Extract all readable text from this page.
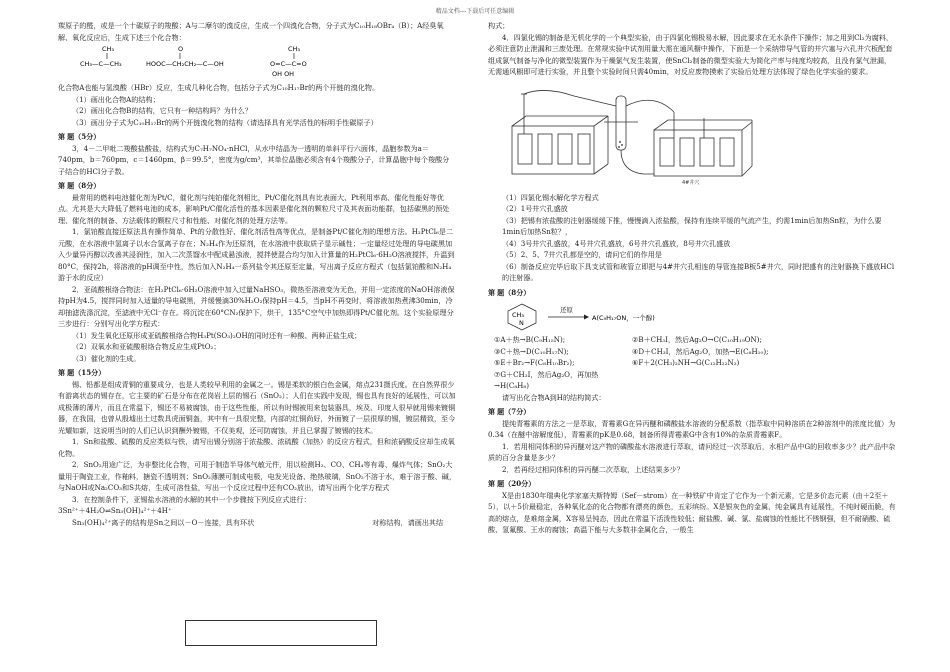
精品文档---下载后可任意编辑

羰原子的醛，或是一个十碳原子的羧酸；A与二摩尔的溴反应，生成一个四溴化合物，分子式为C₁₀H₁₈OBr₄（B）；A经臭氧解、氧化反应后，生成下述三个化合物：

CH₃
CH₃—C—CH₃
O
HOOC—CH₂CH₂—C—OH
CH₃
O=C—C=O
OH OH

化合物A也能与氢溴酸（HBr）反应，生成几种化合物，包括分子式为C₁₀H₁₇Br的两个开链的溴化物。

（1）画出化合物A的结构；

（2）画出化合物B的结构，它只有一种结构吗？为什么？

（3）画出分子式为C₁₀H₁₇Br的两个开链溴化物的结构（请选择具有光学活性的标明手性碳原子）

第 题（5分）

3，4－二甲吡二羧酸盐酸盐，结构式为C₇H₇NO₄·nHCl，从水中结晶为一透明的单斜平行六面体，晶胞参数为a＝740pm，b＝760pm，c＝1460pm，β＝99.5°，密度为g/cm³，其单位晶胞必须含有4个羧酸分子，计算晶胞中每个羧酸分子结合的HCl分子数。

第 题（8分）

最常用的燃料电池催化剂为Pt/C，催化剂与纯铂催化剂相比，Pt/C催化剂具有比表面大、Pt利用率高、催化性能好等优点。尤其是大大降低了燃料电池的成本，影响Pt/C催化活性的基本因素是催化剂的颗粒尺寸及其表面功能群，包括碳黑的预处理、催化剂的制备、方法载体的颗粒尺寸和性能、对催化剂的处理方法等。

1．氯铂酸直接还原法具有操作简单、Pt的分散性好、催化剂活性高等优点，是制备Pt/C催化剂的理想方法。H₂PtCl₆是二元酸，在水溶液中氢离子以水合氢离子存在；N₂H₄作为还原剂，在水溶液中获取质子显示碱性；一定量经过处理的导电碳黑加入少量异丙醇以改善其浸润性，加入二次蒸馏水中配成悬浊液，搅拌使混合均匀加入计算量的H₂PtCl₆·6H₂O溶液搅拌，升温到80°C，保持2h，将溶液的pH调至中性，然后加入N₂H₄一系列盐令其还原至定量，写出离子反应方程式（包括氯铂酸和N₂H₄游于水的反应）

2．亚硫酸根络合物法：在H₂PtCl₆·6H₂O溶液中加入过量NaHSO₃，微热至溶液变为无色，并用一定浓度的NaOH溶液保持pH为4.5，搅拌同时加入适量的导电碳黑，并缓慢滴30%H₂O₂保持pH＝4.5，当pH不再变时，将溶液加热煮沸30min，冷却抽滤洗涤沉淀，至滤液中无Cl⁻存在。将沉淀在60°CN₂保护下，烘干，135°C空气中加热即得Pt/C催化剂。这个实验原理分三步进行：分别写出化学方程式：

（1）发生氧化还原形成亚硫酸根络合物H₃Pt(SO₃)₂OH的同时还有一种酸、两种正盐生成；

（2）双氧水和亚硫酸根络合物反应生成PtO₂；

（3）催化剂的生成。

第 题（15分）

锡、铅都是组成青铜的重要成分，也是人类较早利用的金属之一。锡是柔软的银白色金属，熔点231摄氏度。在自然界很少有游离状态的锡存在，它主要的矿石是分布在花岗岩上层的锡石（SnO₂）；人们在实践中发现，锡也具有良好的延展性，可以加成极薄的薄片，而且在常温下，锡还不易被腐蚀，由于这些性能，所以有时锡被用来包装器具，埃及、印度人很早就用锡来镀铜器，在我国，也曾从殷墟出土过数具虎面铜盔，其中有一具很完整，内部的红铜尚好，外面镀了一层很厚的锡，镀层精致，至今光耀如新，这说明当时的人们已认识到酬外镀锡，不仅美观，还可防腐蚀，并且已掌握了镀锡的技术。

1．Sn和盐酸、硫酸的反应类似与铁，请写出锡分别溶于浓盐酸、浓硫酸（加热）的反应方程式，但和浓硝酸反应却生成氧化物。

2．SnO₂用途广泛，为非整比化合物，可用于制造半导体气敏元件，用以检测H₂、CO、CH₄等有毒、爆炸气体；SnO₂大量用于陶瓷工业，作釉料，搪瓷不透明剂；SnO₂薄膜可制成电极，电发光设备、绝热玻璃，SnO₂不溶于水，难于溶于酸、碱，与NaOH或Na₂CO₃和S共熔，生成可溶性盐，写出一个反应过程中还有CO₂放出，请写出两个化学方程式

3．在控制条件下，亚锡盐水溶液的水解的其中一个步骤按下列反应式进行：

3Sn²⁺＋4H₂O⇌Sn₃(OH)₄²⁺＋4H⁺

Sn₃(OH)₄²⁺离子的结构是Sn之间以－O－连接，具有环状	对称结构，请画出其结

构式；

4．四氯化锡的制备是无机化学的一个典型实验，由于四氯化锡极易水解，因此要求在无水条件下操作；加之用到Cl₂为腐料，必须注意防止泄漏和三废处理。在常规实验中试剂用量大需在通风橱中操作，下面是一个采纳带导气管的井穴塞与六孔井穴板配套组成氯气制备与净化的微型装置作为干燥氯气发生装置，使SnCl₂制备的微型实验大为简化产率与纯度均较高，且没有氯气泄漏，无需通风橱即可进行实验，并且整个实验时间只需40min，对反应废物摸索了实验后处理方法体现了绿色化学实验的要求。

4#井穴

（1）四氯化锡水解化学方程式

（2）1号井穴孔盛放

（3）把锡有浓盐酸的注射器缓缓下推，慢慢滴入浓盐酸，保持有连续平缓的气流产生，约需1min后加热Sn粒，为什么要1min后加热Sn粒？，

（4）3号井穴孔盛放，4号井穴孔盛放，6号井穴孔盛放，8号井穴孔盛放

（5）2、5、7井穴孔都是空的，请问它们的作用是

（6）制备反应完毕后取下具支试管和玻管立即把与4#井穴孔相连的导管连接B板5#井穴，同时把盛有的注射器换下盛放HCl的注射器。

第 题（8分）

CH₃
N
还原
A(C₉H₁₇ON，一个醇)
①A＋热→B(C₉H₁₅N);	②B＋CH₃I，然后Ag₂O→C(C₁₀H₁₉ON);
③C＋热→D(C₁₀H₁₇N);	④D＋CH₃I，然后Ag₂O，加热→E(C₈H₁₀);
⑤E＋Br₂→F(C₈H₁₀Br₂);	⑥F＋2(CH₃)₂NH→G(C₁₂H₂₂N₂)
⑦G＋CH₃I，然后Ag₂O，再加热→H(C₈H₈)

请写出化合物A到H的结构简式：

第 题（7分）

提纯青霉素的方法之一是萃取，青霉素G在异丙醚和磷酸盐水溶液的分配系数（指萃取中同种溶质在2种溶剂中的浓度比值）为0.34（在醚中溶解度低），青霉素的pK是0.68，制备所得青霉素G中含有10%的杂质青霉素F。

1．若用相同体积的异丙醚对这产物的磷酸盐水溶液进行萃取，请问经过一次萃取后，水相产品中G的回收率多少？此产品中杂质的百分含量是多少？

2．若再经过相同体积的异丙醚二次萃取，上述结果多少？

第 题（20分）

X是由1830年瑞典化学家塞夫斯特姆（Sef－strom）在一种铁矿中肯定了它作为一个新元素，它是多价态元素（由＋2至＋5），以＋5价最稳定，各种氧化态的化合物都有漂亮的颜色，五彩缤纷。X是银灰色的金属，纯金属具有延展性，不纯时硬而脆，有高的熔点，是难熔金属，X容易呈钝态，因此在常温下活泼性较低；耐盐酸、碱、氯、盐腐蚀的性能比不锈钢强，但不耐硝酸、硫酸、氢氟酸、王水的腐蚀；高温下能与大多数非金属化合，一般生
